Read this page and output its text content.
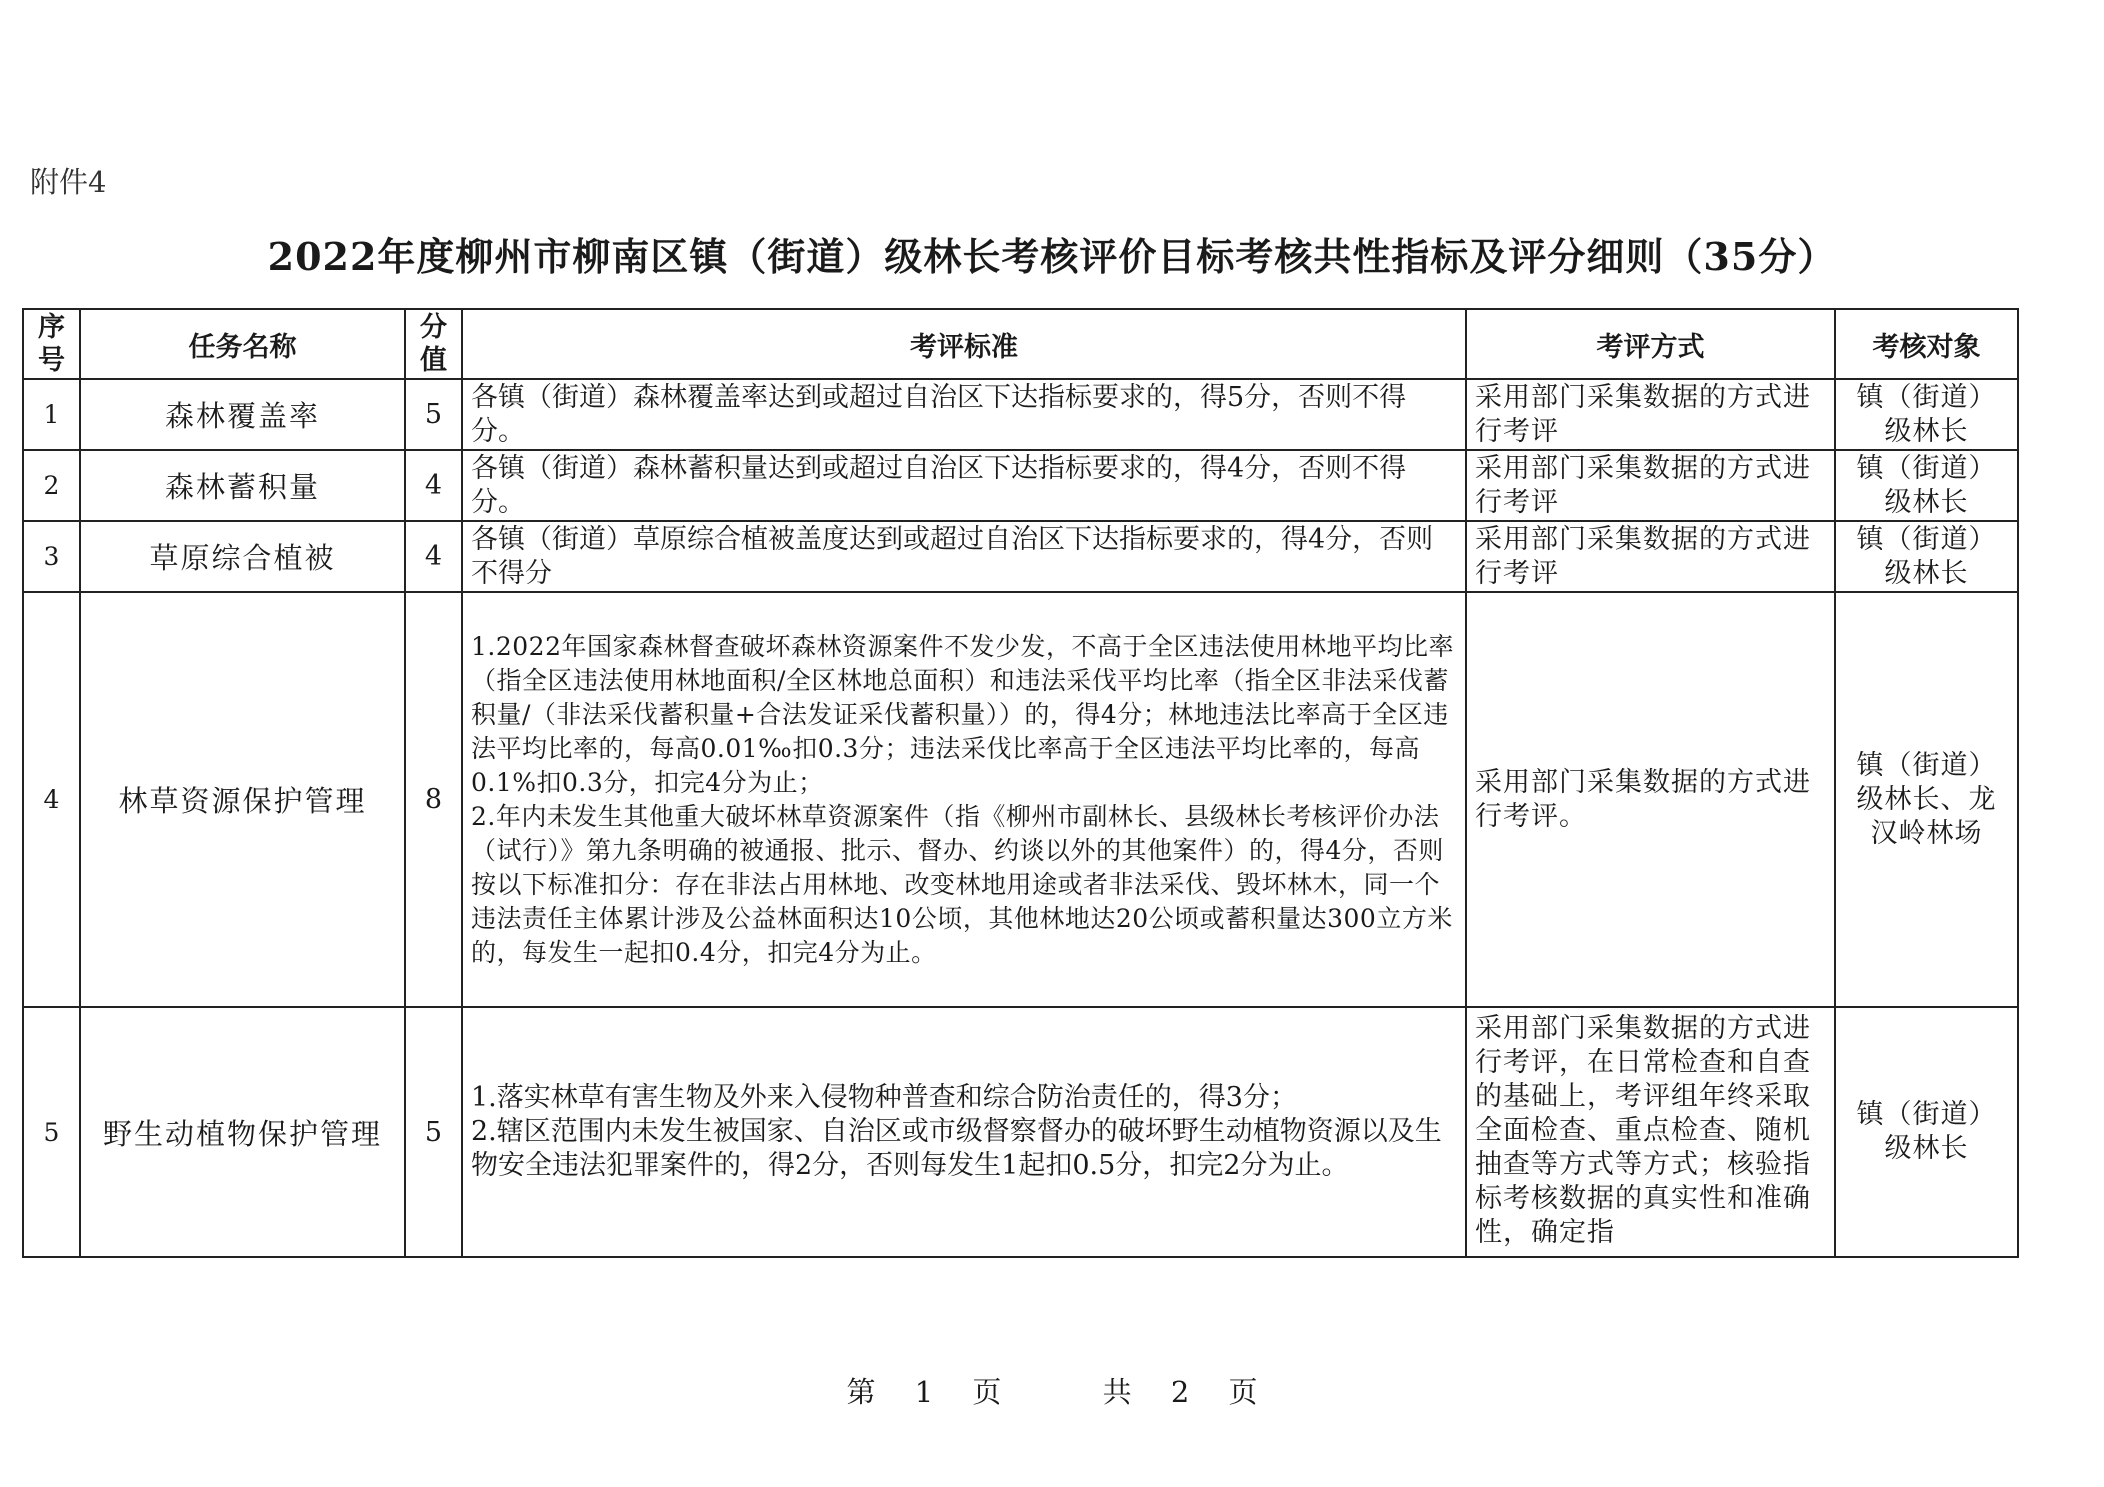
附件4
2022年度柳州市柳南区镇（街道）级林长考核评价目标考核共性指标及评分细则（35分）
序号	任务名称	分值	考评标准	考评方式	考核对象
1	森林覆盖率	5	各镇（街道）森林覆盖率达到或超过自治区下达指标要求的，得5分，否则不得分。	采用部门采集数据的方式进行考评	镇（街道）级林长
2	森林蓄积量	4	各镇（街道）森林蓄积量达到或超过自治区下达指标要求的，得4分，否则不得分。	采用部门采集数据的方式进行考评	镇（街道）级林长
3	草原综合植被	4	各镇（街道）草原综合植被盖度达到或超过自治区下达指标要求的，得4分，否则不得分	采用部门采集数据的方式进行考评	镇（街道）级林长
4	林草资源保护管理	8	1.2022年国家森林督查破坏森林资源案件不发少发，不高于全区违法使用林地平均比率（指全区违法使用林地面积/全区林地总面积）和违法采伐平均比率（指全区非法采伐蓄积量/（非法采伐蓄积量+合法发证采伐蓄积量））的，得4分；林地违法比率高于全区违法平均比率的，每高0.01‰扣0.3分；违法采伐比率高于全区违法平均比率的，每高0.1%扣0.3分，扣完4分为止；
2.年内未发生其他重大破坏林草资源案件（指《柳州市副林长、县级林长考核评价办法（试行）》第九条明确的被通报、批示、督办、约谈以外的其他案件）的，得4分，否则按以下标准扣分：存在非法占用林地、改变林地用途或者非法采伐、毁坏林木，同一个违法责任主体累计涉及公益林面积达10公顷，其他林地达20公顷或蓄积量达300立方米的，每发生一起扣0.4分，扣完4分为止。	采用部门采集数据的方式进行考评。	镇（街道）级林长、龙汉岭林场
5	野生动植物保护管理	5	1.落实林草有害生物及外来入侵物种普查和综合防治责任的，得3分；
2.辖区范围内未发生被国家、自治区或市级督察督办的破坏野生动植物资源以及生物安全违法犯罪案件的，得2分，否则每发生1起扣0.5分，扣完2分为止。	采用部门采集数据的方式进行考评，在日常检查和自查的基础上，考评组年终采取全面检查、重点检查、随机抽查等方式等方式；核验指标考核数据的真实性和准确性，确定指	镇（街道）级林长
第 1 页	共 2 页
